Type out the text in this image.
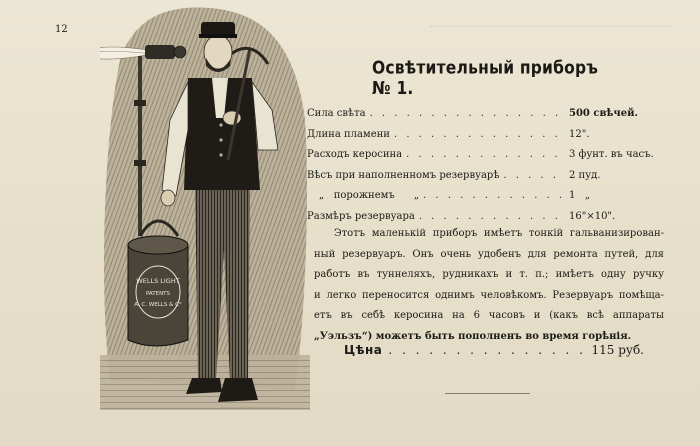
12
WELLS LIGHT
PATENTS
A. C. WELLS & C°
Освѣтительный приборъ № 1.
Сила свѣта . . .	500 свѣчей.
Длина пламени . . .	12".
Расходъ керосина . . .	3 фунт. въ часъ.
Вѣсъ при наполненномъ резервуарѣ . . .	2 пуд.
„   порожнемъ      „ . . .	1   „
Размѣръ резервуара . . .	16"×10".
Этотъ маленькій приборъ имѣетъ тонкій гальванизирован-
ный резервуаръ. Онъ очень удобенъ для ремонта путей, для
работъ въ туннеляхъ, рудникахъ и т. п.; имѣетъ одну ручку
и легко переносится однимъ человѣкомъ. Резервуаръ помѣща-
етъ въ себѣ керосина на 6 часовъ и (какъ всѣ аппараты
„Уэльзъ“) можетъ быть пополненъ во время горѣнія.
Цѣна . . .	115 руб.
